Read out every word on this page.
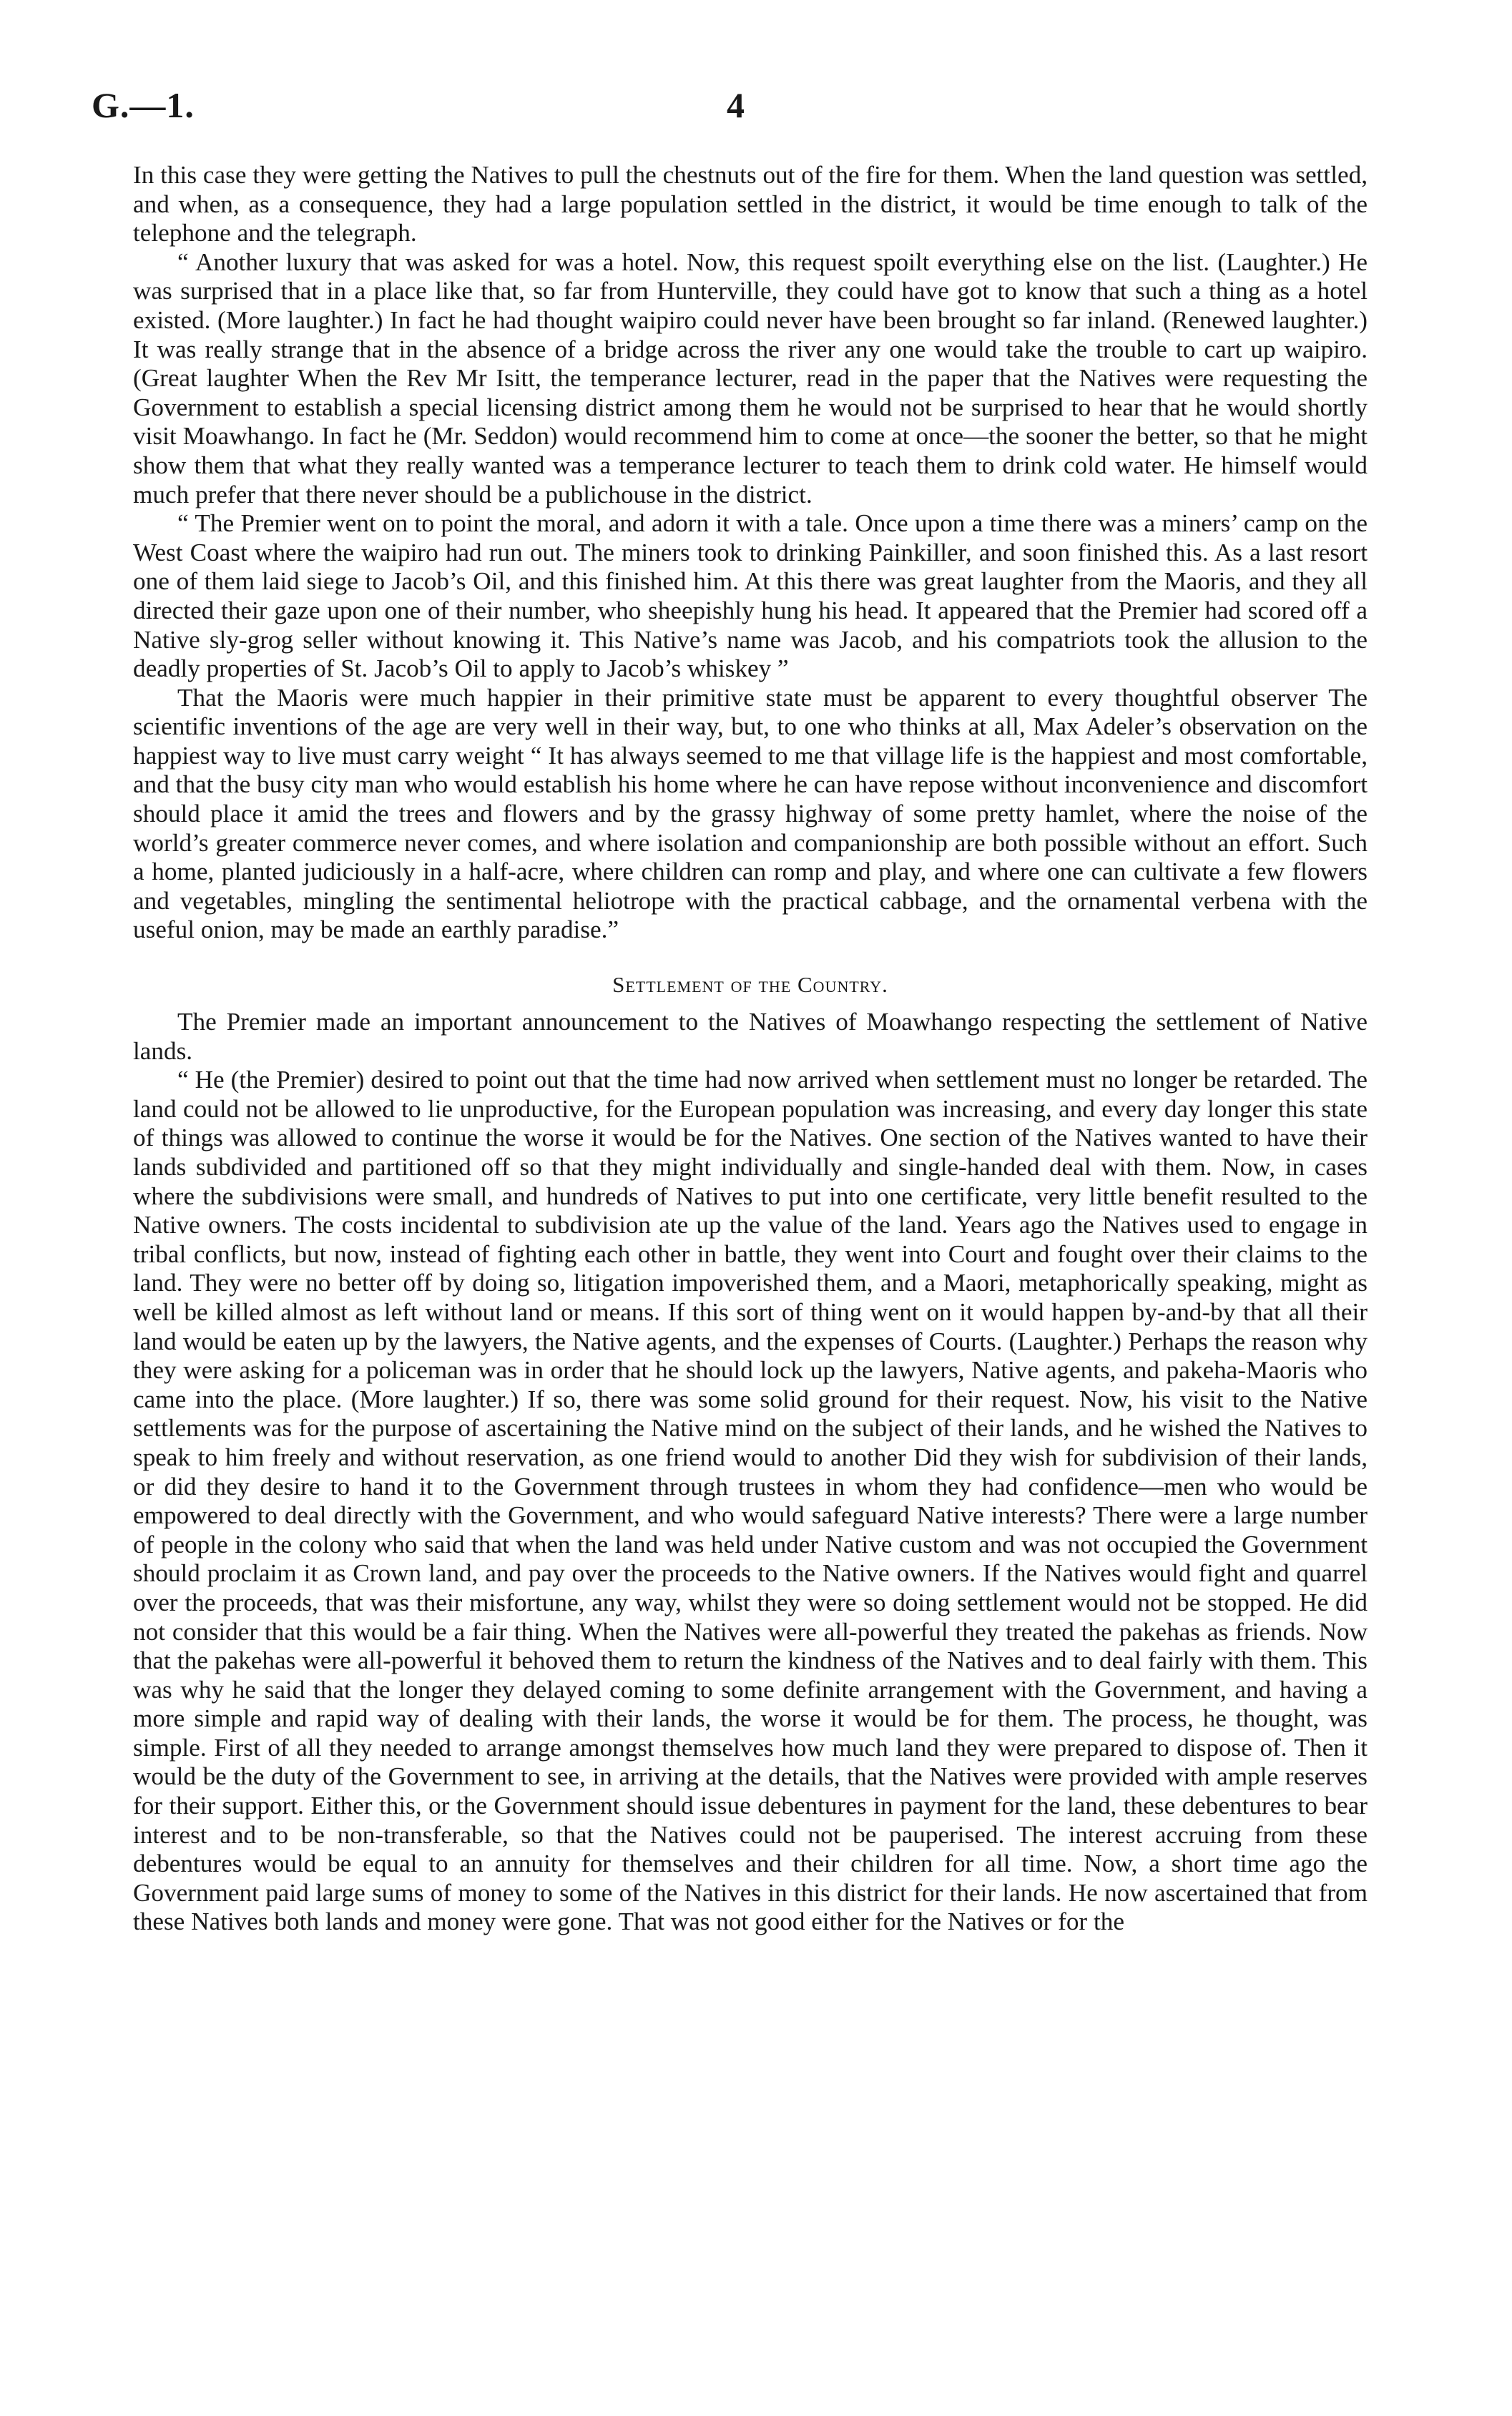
G.—1.	4

In this case they were getting the Natives to pull the chestnuts out of the fire for them. When the land question was settled, and when, as a consequence, they had a large population settled in the district, it would be time enough to talk of the telephone and the telegraph.

“ Another luxury that was asked for was a hotel. Now, this request spoilt everything else on the list. (Laughter.) He was surprised that in a place like that, so far from Hunterville, they could have got to know that such a thing as a hotel existed. (More laughter.) In fact he had thought waipiro could never have been brought so far inland. (Renewed laughter.) It was really strange that in the absence of a bridge across the river any one would take the trouble to cart up waipiro. (Great laughter When the Rev Mr Isitt, the temperance lecturer, read in the paper that the Natives were requesting the Government to establish a special licensing district among them he would not be surprised to hear that he would shortly visit Moawhango. In fact he (Mr. Seddon) would recommend him to come at once—the sooner the better, so that he might show them that what they really wanted was a temperance lecturer to teach them to drink cold water. He himself would much prefer that there never should be a publichouse in the district.

“ The Premier went on to point the moral, and adorn it with a tale. Once upon a time there was a miners’ camp on the West Coast where the waipiro had run out. The miners took to drinking Painkiller, and soon finished this. As a last resort one of them laid siege to Jacob’s Oil, and this finished him. At this there was great laughter from the Maoris, and they all directed their gaze upon one of their number, who sheepishly hung his head. It appeared that the Premier had scored off a Native sly-grog seller without knowing it. This Native’s name was Jacob, and his compatriots took the allusion to the deadly properties of St. Jacob’s Oil to apply to Jacob’s whiskey ”

That the Maoris were much happier in their primitive state must be apparent to every thoughtful observer The scientific inventions of the age are very well in their way, but, to one who thinks at all, Max Adeler’s observation on the happiest way to live must carry weight “ It has always seemed to me that village life is the happiest and most comfortable, and that the busy city man who would establish his home where he can have repose without inconvenience and discomfort should place it amid the trees and flowers and by the grassy highway of some pretty hamlet, where the noise of the world’s greater commerce never comes, and where isolation and companionship are both possible without an effort. Such a home, planted judiciously in a half-acre, where children can romp and play, and where one can cultivate a few flowers and vegetables, mingling the sentimental heliotrope with the practical cabbage, and the ornamental verbena with the useful onion, may be made an earthly paradise.”

Settlement of the Country.

The Premier made an important announcement to the Natives of Moawhango respecting the settlement of Native lands.

“ He (the Premier) desired to point out that the time had now arrived when settlement must no longer be retarded. The land could not be allowed to lie unproductive, for the European population was increasing, and every day longer this state of things was allowed to continue the worse it would be for the Natives. One section of the Natives wanted to have their lands subdivided and partitioned off so that they might individually and single-handed deal with them. Now, in cases where the subdivisions were small, and hundreds of Natives to put into one certificate, very little benefit resulted to the Native owners. The costs incidental to subdivision ate up the value of the land. Years ago the Natives used to engage in tribal conflicts, but now, instead of fighting each other in battle, they went into Court and fought over their claims to the land. They were no better off by doing so, litigation impoverished them, and a Maori, metaphorically speaking, might as well be killed almost as left without land or means. If this sort of thing went on it would happen by-and-by that all their land would be eaten up by the lawyers, the Native agents, and the expenses of Courts. (Laughter.) Perhaps the reason why they were asking for a policeman was in order that he should lock up the lawyers, Native agents, and pakeha-Maoris who came into the place. (More laughter.) If so, there was some solid ground for their request. Now, his visit to the Native settlements was for the purpose of ascertaining the Native mind on the subject of their lands, and he wished the Natives to speak to him freely and without reservation, as one friend would to another Did they wish for subdivision of their lands, or did they desire to hand it to the Government through trustees in whom they had confidence—men who would be empowered to deal directly with the Government, and who would safeguard Native interests? There were a large number of people in the colony who said that when the land was held under Native custom and was not occupied the Government should proclaim it as Crown land, and pay over the proceeds to the Native owners. If the Natives would fight and quarrel over the proceeds, that was their misfortune, any way, whilst they were so doing settlement would not be stopped. He did not consider that this would be a fair thing. When the Natives were all-powerful they treated the pakehas as friends. Now that the pakehas were all-powerful it behoved them to return the kindness of the Natives and to deal fairly with them. This was why he said that the longer they delayed coming to some definite arrangement with the Government, and having a more simple and rapid way of dealing with their lands, the worse it would be for them. The process, he thought, was simple. First of all they needed to arrange amongst themselves how much land they were prepared to dispose of. Then it would be the duty of the Government to see, in arriving at the details, that the Natives were provided with ample reserves for their support. Either this, or the Government should issue debentures in payment for the land, these debentures to bear interest and to be non-transferable, so that the Natives could not be pauperised. The interest accruing from these debentures would be equal to an annuity for themselves and their children for all time. Now, a short time ago the Government paid large sums of money to some of the Natives in this district for their lands. He now ascertained that from these Natives both lands and money were gone. That was not good either for the Natives or for the
